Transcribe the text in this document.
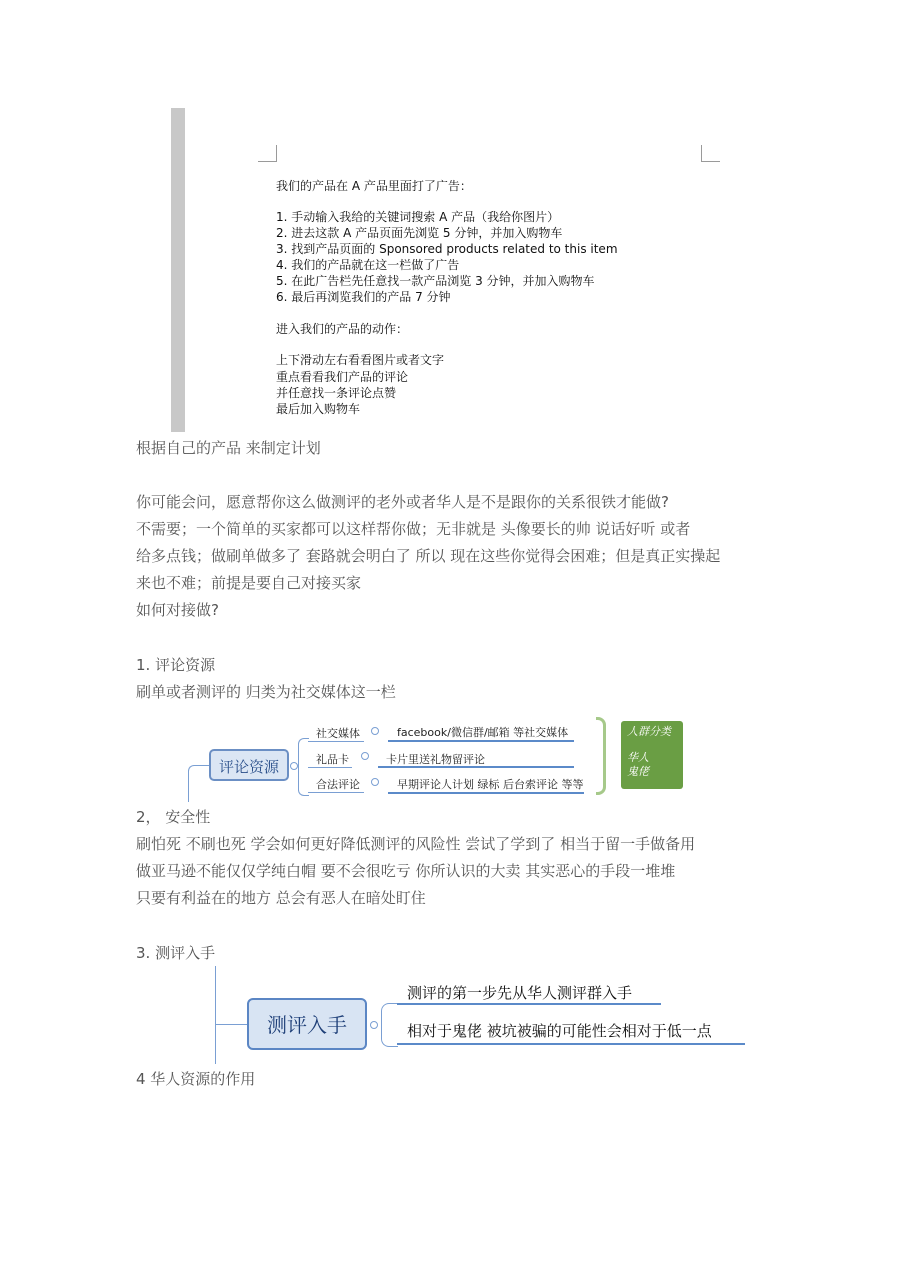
我们的产品在 A 产品里面打了广告：
1. 手动输入我给的关键词搜索 A 产品（我给你图片）
2. 进去这款 A 产品页面先浏览 5 分钟，并加入购物车
3. 找到产品页面的 Sponsored products related to this item
4. 我们的产品就在这一栏做了广告
5. 在此广告栏先任意找一款产品浏览 3 分钟，并加入购物车
6. 最后再浏览我们的产品 7 分钟
进入我们的产品的动作：
上下滑动左右看看图片或者文字
重点看看我们产品的评论
并任意找一条评论点赞
最后加入购物车
根据自己的产品 来制定计划
你可能会问，愿意帮你这么做测评的老外或者华人是不是跟你的关系很铁才能做?
不需要；一个简单的买家都可以这样帮你做；无非就是 头像要长的帅 说话好听 或者
给多点钱；做刷单做多了 套路就会明白了 所以 现在这些你觉得会困难；但是真正实操起
来也不难；前提是要自己对接买家
如何对接做?
1. 评论资源
刷单或者测评的 归类为社交媒体这一栏
评论资源
社交媒体	facebook/微信群/邮箱 等社交媒体
礼品卡	卡片里送礼物留评论
合法评论	早期评论人计划 绿标 后台索评论 等等
人群分类
华人
鬼佬
2， 安全性
刷怕死 不刷也死 学会如何更好降低测评的风险性 尝试了学到了 相当于留一手做备用
做亚马逊不能仅仅学纯白帽 要不会很吃亏 你所认识的大卖 其实恶心的手段一堆堆
只要有利益在的地方 总会有恶人在暗处盯住
3. 测评入手
测评入手
测评的第一步先从华人测评群入手
相对于鬼佬 被坑被骗的可能性会相对于低一点
4 华人资源的作用
